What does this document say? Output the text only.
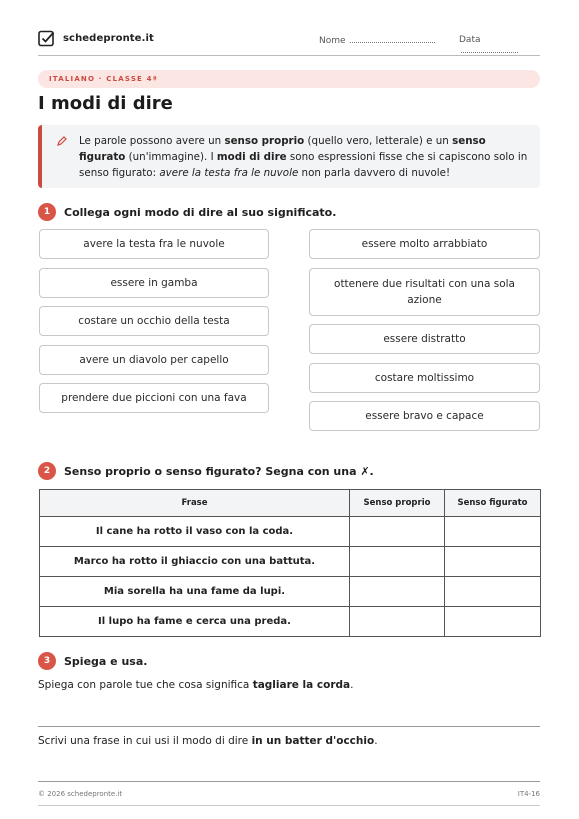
schedepronte.it	Nome	Data
ITALIANO · CLASSE 4ª
I modi di dire

Le parole possono avere un senso proprio (quello vero, letterale) e un senso figurato (un'immagine). I modi di dire sono espressioni fisse che si capiscono solo in senso figurato: avere la testa fra le nuvole non parla davvero di nuvole!

1	Collega ogni modo di dire al suo significato.
avere la testa fra le nuvole
essere in gamba
costare un occhio della testa
avere un diavolo per capello
prendere due piccioni con una fava
essere molto arrabbiato
ottenere due risultati con una sola azione
essere distratto
costare moltissimo
essere bravo e capace
2	Senso proprio o senso figurato? Segna con una ✗.
Frase	Senso proprio	Senso figurato
Il cane ha rotto il vaso con la coda.		
Marco ha rotto il ghiaccio con una battuta.		
Mia sorella ha una fame da lupi.		
Il lupo ha fame e cerca una preda.		
3	Spiega e usa.
Spiega con parole tue che cosa significa tagliare la corda.
Scrivi una frase in cui usi il modo di dire in un batter d'occhio.
© 2026 schedepronte.it	IT4-16
